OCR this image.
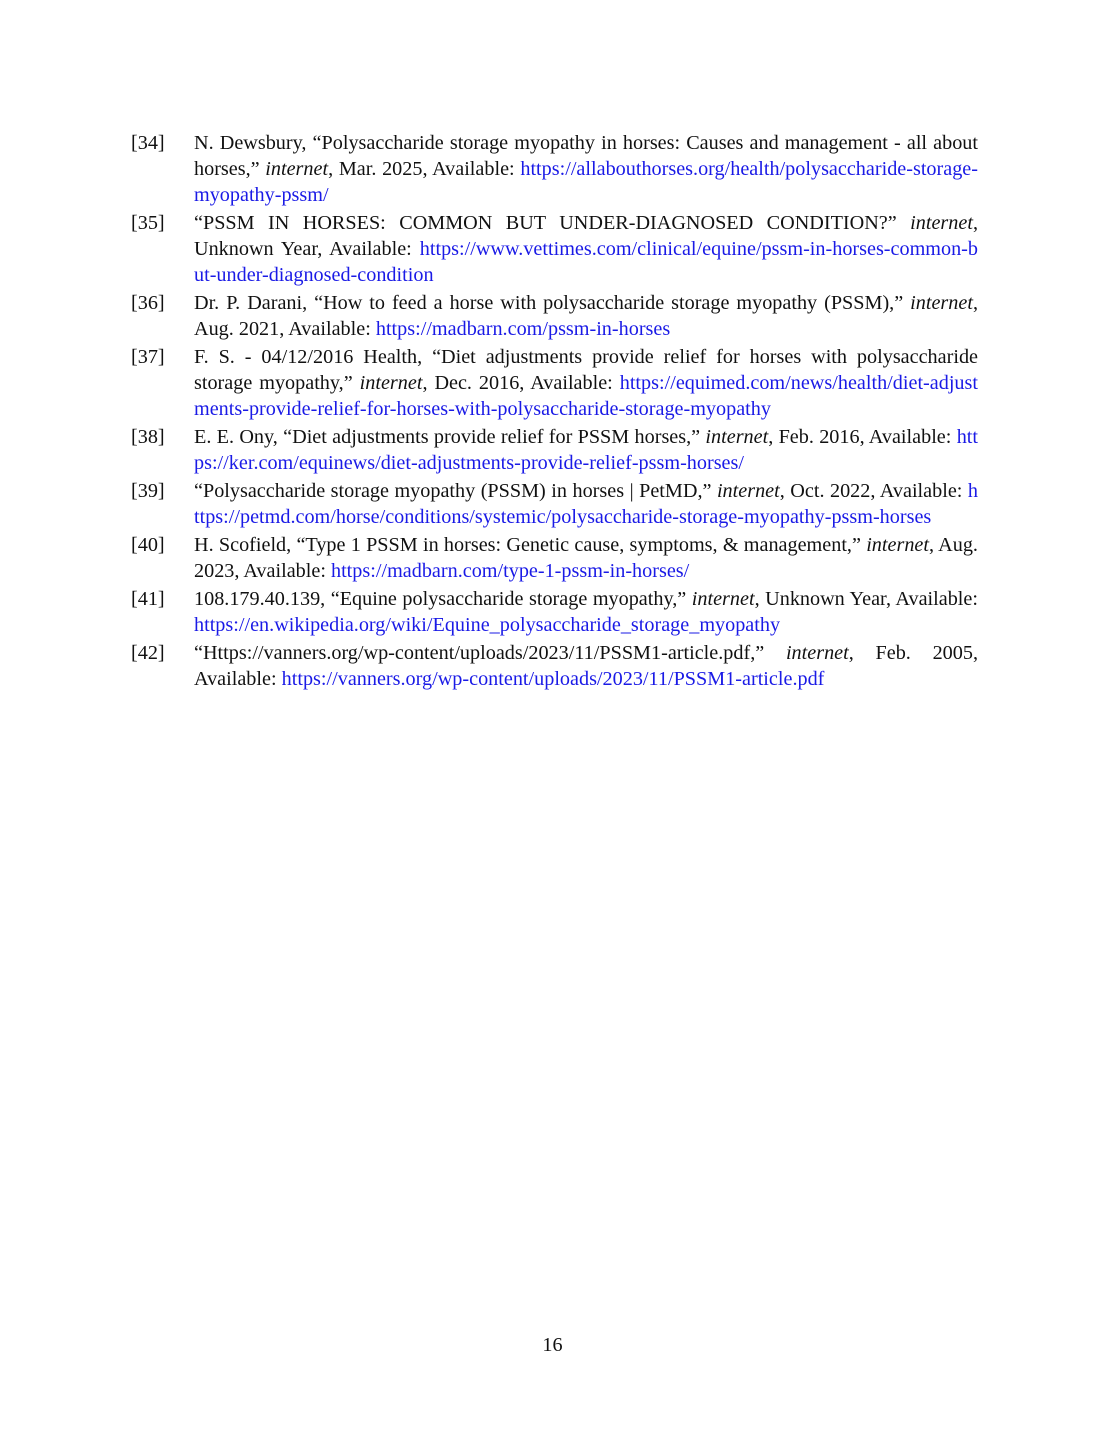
[34]	N. Dewsbury, “Polysaccharide storage myopathy in horses: Causes and management - all about horses,” internet, Mar. 2025, Available: https://allabouthorses.org/health/polysaccharide-storage-myopathy-pssm/
[35]	“PSSM IN HORSES: COMMON BUT UNDER-DIAGNOSED CONDITION?” internet, Unknown Year, Available: https://www.vettimes.com/clinical/equine/pssm-in-horses-common-but-under-diagnosed-condition
[36]	Dr. P. Darani, “How to feed a horse with polysaccharide storage myopathy (PSSM),” internet, Aug. 2021, Available: https://madbarn.com/pssm-in-horses
[37]	F. S. - 04/12/2016 Health, “Diet adjustments provide relief for horses with polysaccharide storage myopathy,” internet, Dec. 2016, Available: https://equimed.com/news/health/diet-adjustments-provide-relief-for-horses-with-polysaccharide-storage-myopathy
[38]	E. E. Ony, “Diet adjustments provide relief for PSSM horses,” internet, Feb. 2016, Available: https://ker.com/equinews/diet-adjustments-provide-relief-pssm-horses/
[39]	“Polysaccharide storage myopathy (PSSM) in horses | PetMD,” internet, Oct. 2022, Available: https://petmd.com/horse/conditions/systemic/polysaccharide-storage-myopathy-pssm-horses
[40]	H. Scofield, “Type 1 PSSM in horses: Genetic cause, symptoms, & management,” internet, Aug. 2023, Available: https://madbarn.com/type-1-pssm-in-horses/
[41]	108.179.40.139, “Equine polysaccharide storage myopathy,” internet, Unknown Year, Available: https://en.wikipedia.org/wiki/Equine_polysaccharide_storage_myopathy
[42]	“Https://vanners.org/wp-content/uploads/2023/11/PSSM1-article.pdf,” internet, Feb. 2005, Available: https://vanners.org/wp-content/uploads/2023/11/PSSM1-article.pdf
16
